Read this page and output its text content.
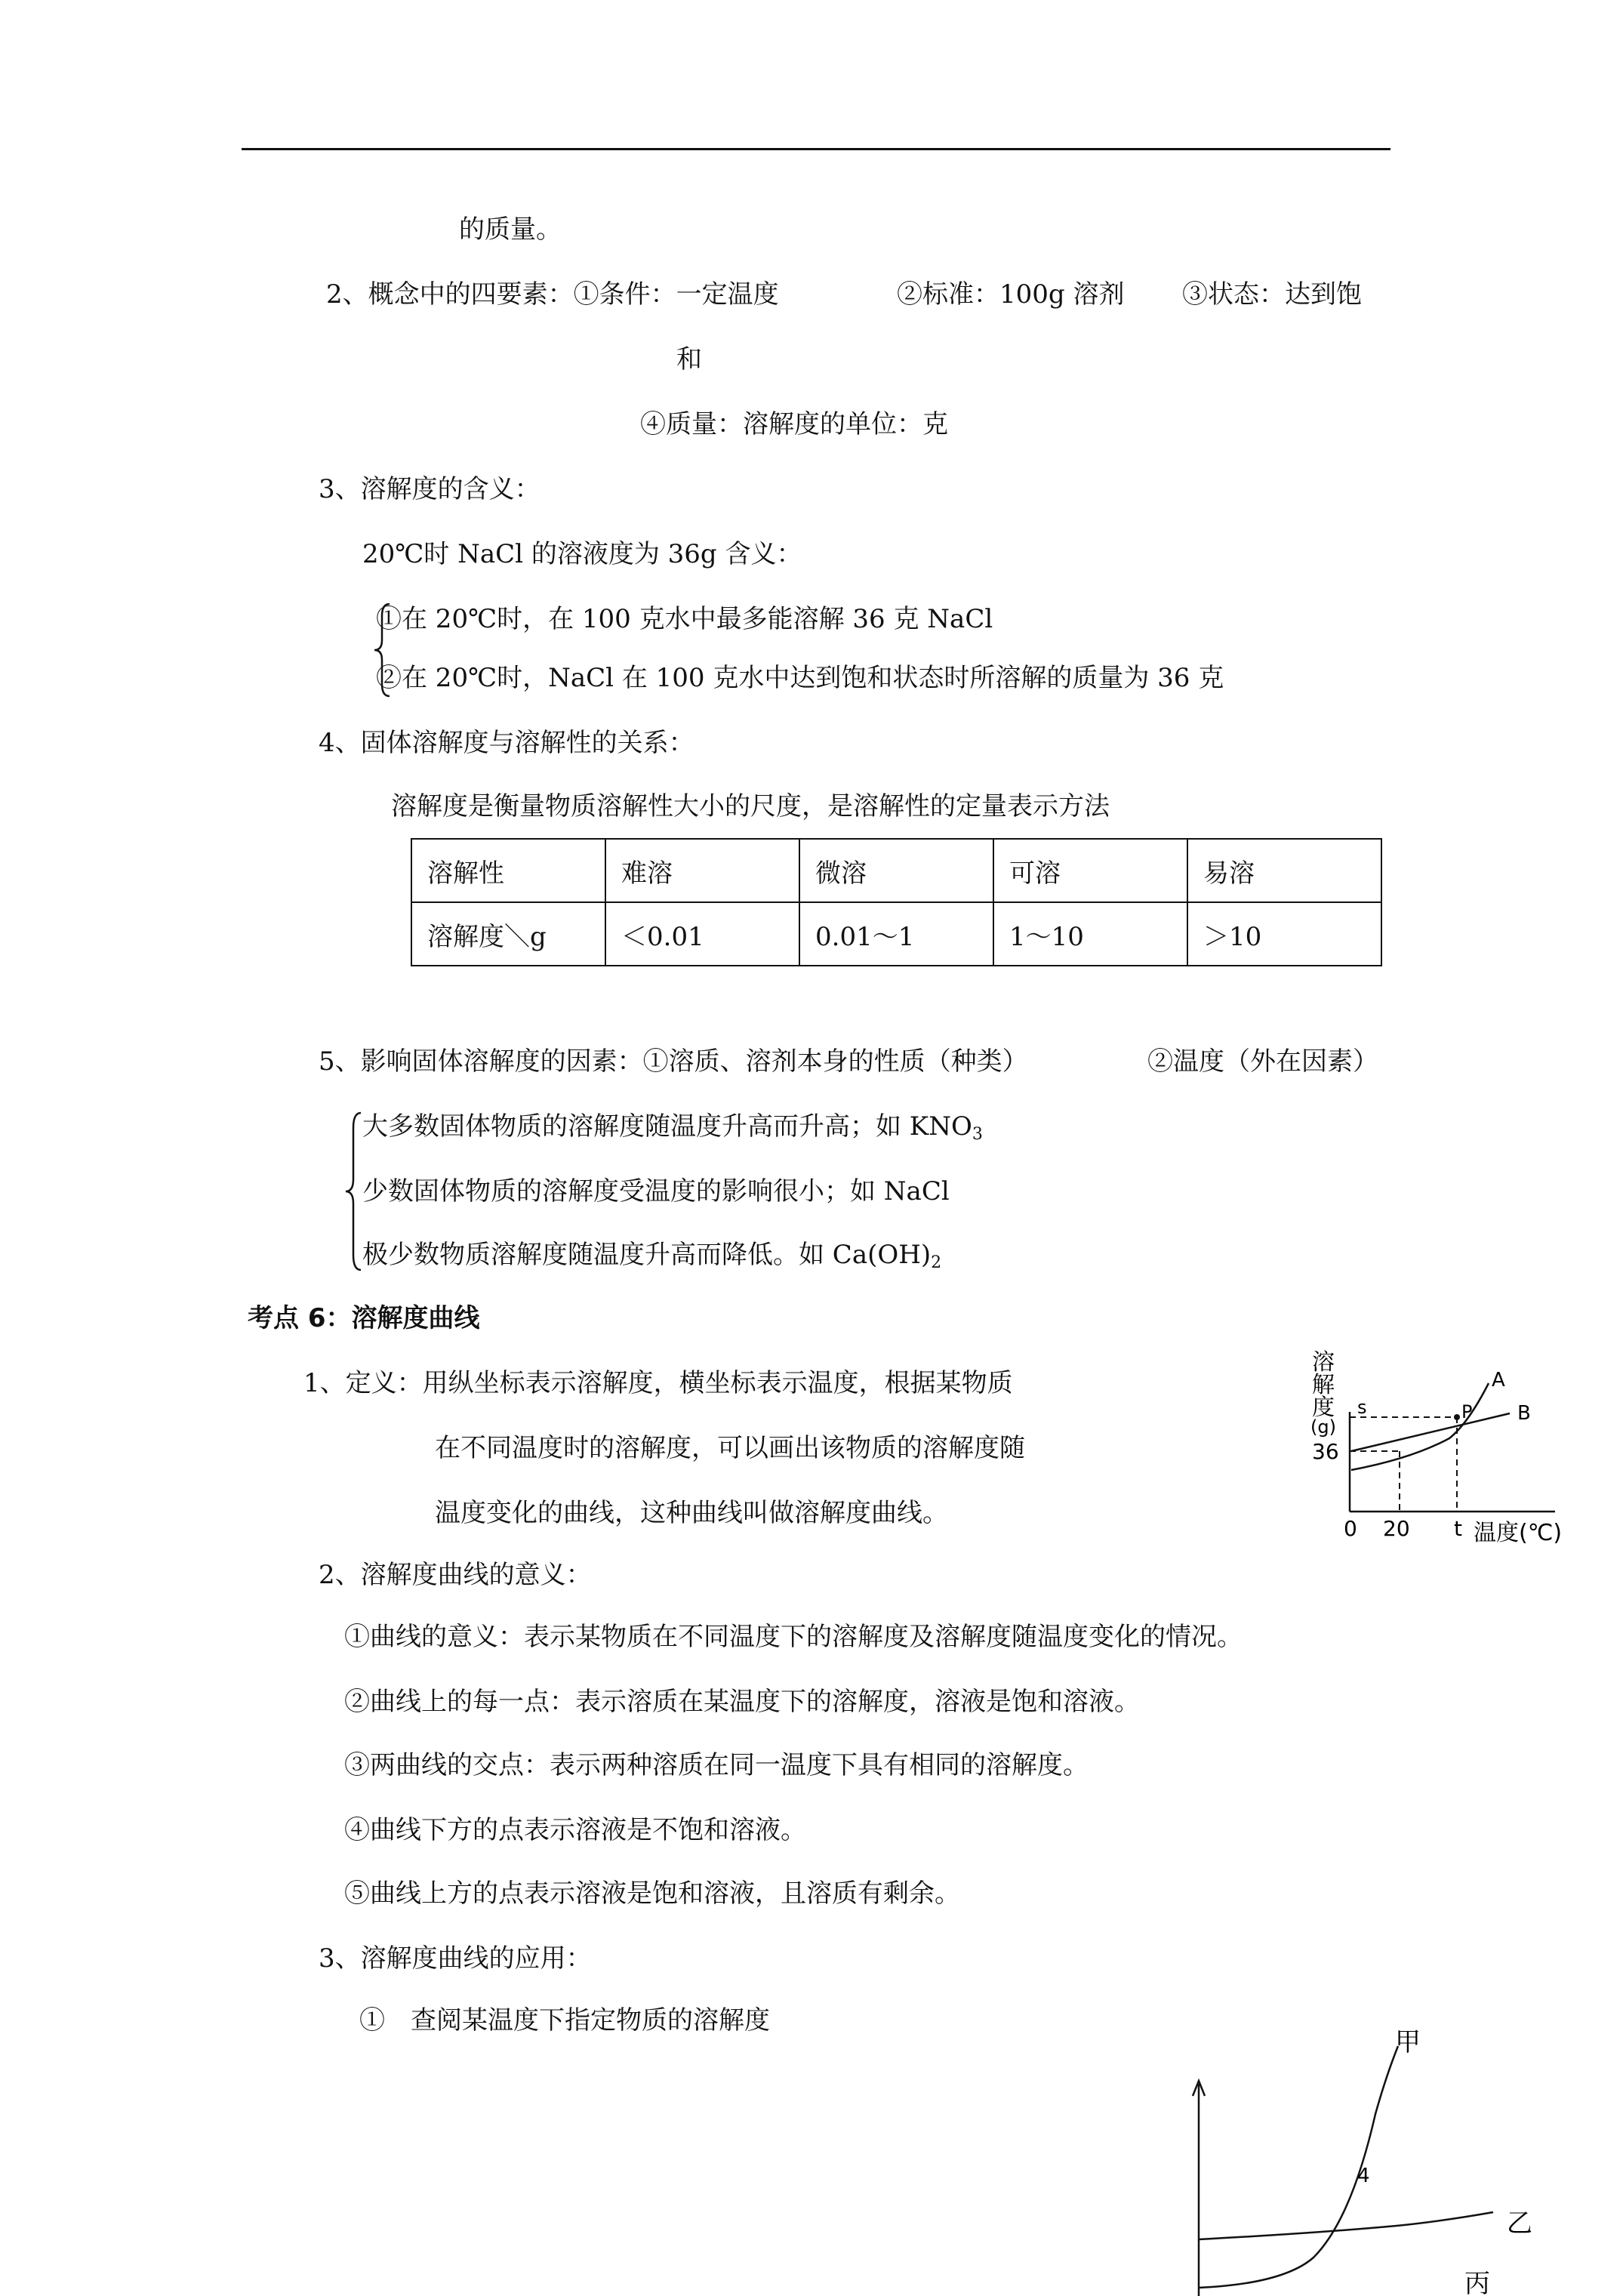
的质量。
2、概念中的四要素：①条件：一定温度	②标准：100g 溶剂 ③状态：达到饱
和
④质量：溶解度的单位：克
3、溶解度的含义：
20℃时 NaCl 的溶液度为 36g 含义：
①在 20℃时，在 100 克水中最多能溶解 36 克 NaCl
②在 20℃时，NaCl 在 100 克水中达到饱和状态时所溶解的质量为 36 克
4、固体溶解度与溶解性的关系：
溶解度是衡量物质溶解性大小的尺度，是溶解性的定量表示方法
溶解性	难溶	微溶	可溶	易溶
溶解度＼g	＜0.01	0.01～1	1～10	＞10
5、影响固体溶解度的因素：①溶质、溶剂本身的性质（种类）	②温度（外在因素）
大多数固体物质的溶解度随温度升高而升高；如 $KNO_3$
少数固体物质的溶解度受温度的影响很小；如 NaCl
极少数物质溶解度随温度升高而降低。如 $Ca(OH)_2$
考点 6：溶解度曲线
1、定义：用纵坐标表示溶解度，横坐标表示温度，根据某物质
在不同温度时的溶解度，可以画出该物质的溶解度随
温度变化的曲线，这种曲线叫做溶解度曲线。
溶
解
度
(g)
s
36
P
A
B
0 20 t 温度(℃)
2、溶解度曲线的意义：
①曲线的意义：表示某物质在不同温度下的溶解度及溶解度随温度变化的情况。
②曲线上的每一点：表示溶质在某温度下的溶解度，溶液是饱和溶液。
③两曲线的交点：表示两种溶质在同一温度下具有相同的溶解度。
④曲线下方的点表示溶液是不饱和溶液。
⑤曲线上方的点表示溶液是饱和溶液，且溶质有剩余。
3、溶解度曲线的应用：
①　查阅某温度下指定物质的溶解度
甲
乙
丙
4
